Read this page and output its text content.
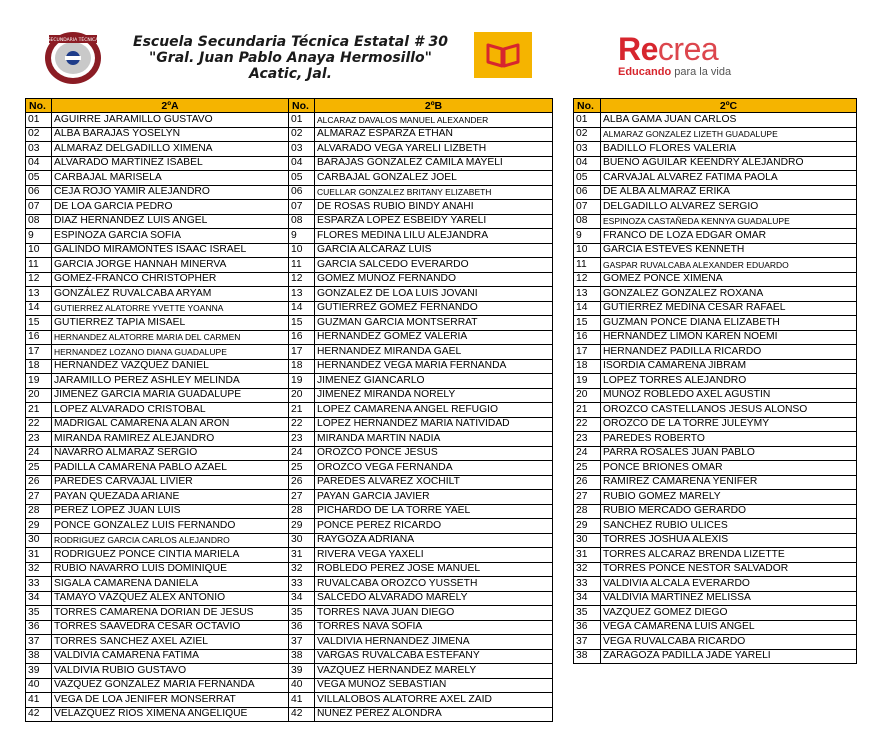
SECUNDARIA TÉCNICA	Escuela Secundaria Técnica Estatal # 30
"Gral. Juan Pablo Anaya Hermosillo"
Acatic, Jal.
Recrea
Educando para la vida
No.	2ºA
01	AGUIRRE JARAMILLO GUSTAVO
02	ALBA BARAJAS YOSELYN
03	ALMARAZ DELGADILLO XIMENA
04	ALVARADO MARTINEZ ISABEL
05	CARBAJAL MARISELA
06	CEJA ROJO YAMIR ALEJANDRO
07	DE LOA GARCIA PEDRO
08	DIAZ HERNANDEZ LUIS ANGEL
9	ESPINOZA GARCIA SOFIA
10	GALINDO MIRAMONTES ISAAC ISRAEL
11	GARCIA JORGE HANNAH MINERVA
12	GOMEZ-FRANCO CHRISTOPHER
13	GONZÁLEZ RUVALCABA ARYAM
14	GUTIERREZ ALATORRE YVETTE YOANNA
15	GUTIERREZ TAPIA MISAEL
16	HERNANDEZ ALATORRE MARIA DEL CARMEN
17	HERNANDEZ LOZANO DIANA GUADALUPE
18	HERNANDEZ VAZQUEZ DANIEL
19	JARAMILLO PEREZ ASHLEY MELINDA
20	JIMENEZ GARCIA MARIA GUADALUPE
21	LOPEZ ALVARADO CRISTOBAL
22	MADRIGAL CAMARENA ALAN ARON
23	MIRANDA RAMIREZ ALEJANDRO
24	NAVARRO ALMARAZ SERGIO
25	PADILLA CAMARENA PABLO AZAEL
26	PAREDES CARVAJAL LIVIER
27	PAYAN QUEZADA ARIANE
28	PEREZ LOPEZ JUAN LUIS
29	PONCE GONZALEZ LUIS FERNANDO
30	RODRIGUEZ GARCIA CARLOS ALEJANDRO
31	RODRIGUEZ PONCE CINTIA MARIELA
32	RUBIO NAVARRO LUIS DOMINIQUE
33	SIGALA CAMARENA DANIELA
34	TAMAYO VÁZQUEZ ALEX ANTONIO
35	TORRES CAMARENA DORIAN DE JESUS
36	TORRES SAAVEDRA CESAR OCTAVIO
37	TORRES SANCHEZ AXEL AZIEL
38	VALDIVIA CAMARENA FATIMA
39	VALDIVIA RUBIO GUSTAVO
40	VAZQUEZ GONZALEZ MARIA FERNANDA
41	VEGA DE LOA JENIFER MONSERRAT
42	VELAZQUEZ RIOS XIMENA ANGELIQUE
No.	2ºB
01	ALCARAZ DAVALOS MANUEL ALEXANDER
02	ALMARAZ ESPARZA ETHAN
03	ALVARADO VEGA YARELI LIZBETH
04	BARAJAS GONZALEZ CAMILA MAYELI
05	CARBAJAL GONZALEZ JOEL
06	CUELLAR GONZALEZ BRITANY ELIZABETH
07	DE ROSAS RUBIO BINDY ANAHI
08	ESPARZA LOPEZ ESBEIDY YARELI
9	FLORES MEDINA LILU ALEJANDRA
10	GARCIA ALCARAZ LUIS
11	GARCIA SALCEDO EVERARDO
12	GOMEZ MUÑOZ FERNANDO
13	GONZALEZ DE LOA LUIS JOVANI
14	GUTIERREZ GOMEZ FERNANDO
15	GUZMAN GARCIA MONTSERRAT
16	HERNANDEZ GOMEZ VALERIA
17	HERNANDEZ MIRANDA GAEL
18	HERNANDEZ VEGA MARIA FERNANDA
19	JIMENEZ GIANCARLO
20	JIMENEZ MIRANDA NORELY
21	LOPEZ CAMARENA ANGEL REFUGIO
22	LOPEZ HERNANDEZ MARIA NATIVIDAD
23	MIRANDA MARTIN NADIA
24	OROZCO PONCE JESUS
25	OROZCO VEGA FERNANDA
26	PAREDES ALVAREZ XOCHILT
27	PAYAN GARCIA JAVIER
28	PICHARDO DE LA TORRE YAEL
29	PONCE PEREZ RICARDO
30	RAYGOZA ADRIANA
31	RIVERA VEGA YAXELI
32	ROBLEDO PEREZ JOSE MANUEL
33	RUVALCABA OROZCO YUSSETH
34	SALCEDO ALVARADO MARELY
35	TORRES NAVA JUAN DIEGO
36	TORRES NAVA SOFIA
37	VALDIVIA HERNANDEZ JIMENA
38	VARGAS RUVALCABA ESTEFANY
39	VAZQUEZ HERNANDEZ MARELY
40	VEGA MUÑOZ SEBASTIAN
41	VILLALOBOS ALATORRE AXEL ZAID
42	NUÑEZ PÉREZ ALONDRA
No.	2ºC
01	ALBA GAMA JUAN CARLOS
02	ALMARAZ GONZALEZ LIZETH GUADALUPE
03	BADILLO FLORES VALERIA
04	BUENO AGUILAR KEENDRY ALEJANDRO
05	CARVAJAL ALVAREZ FATIMA PAOLA
06	DE ALBA ALMARAZ ERIKA
07	DELGADILLO ALVAREZ SERGIO
08	ESPINOZA CASTAÑEDA KENNYA GUADALUPE
9	FRANCO DE LOZA EDGAR OMAR
10	GARCIA ESTEVES KENNETH
11	GASPAR RUVALCABA ALEXANDER EDUARDO
12	GOMEZ PONCE XIMENA
13	GONZALEZ GONZALEZ ROXANA
14	GUTIERREZ MEDINA CESAR RAFAEL
15	GUZMAN PONCE DIANA ELIZABETH
16	HERNANDEZ LIMON KAREN NOEMI
17	HERNANDEZ PADILLA RICARDO
18	ISORDIA CAMARENA JIBRAM
19	LOPEZ TORRES ALEJANDRO
20	MUÑOZ ROBLEDO AXEL AGUSTIN
21	OROZCO CASTELLANOS JESUS ALONSO
22	OROZCO DE LA TORRE JULEYMY
23	PAREDES ROBERTO
24	PARRA ROSALES JUAN PABLO
25	PONCE BRIONES OMAR
26	RAMIREZ CAMARENA YENIFER
27	RUBIO GOMEZ MARELY
28	RUBIO MERCADO GERARDO
29	SANCHEZ RUBIO ULICES
30	TORRES JOSHUA ALEXIS
31	TORRES ALCARAZ BRENDA LIZETTE
32	TORRES PONCE NESTOR SALVADOR
33	VALDIVIA ALCALA EVERARDO
34	VALDIVIA MARTINEZ MELISSA
35	VAZQUEZ GOMEZ DIEGO
36	VEGA CAMARENA LUIS ANGEL
37	VEGA RUVALCABA RICARDO
38	ZARAGOZA PADILLA JADE YARELI
